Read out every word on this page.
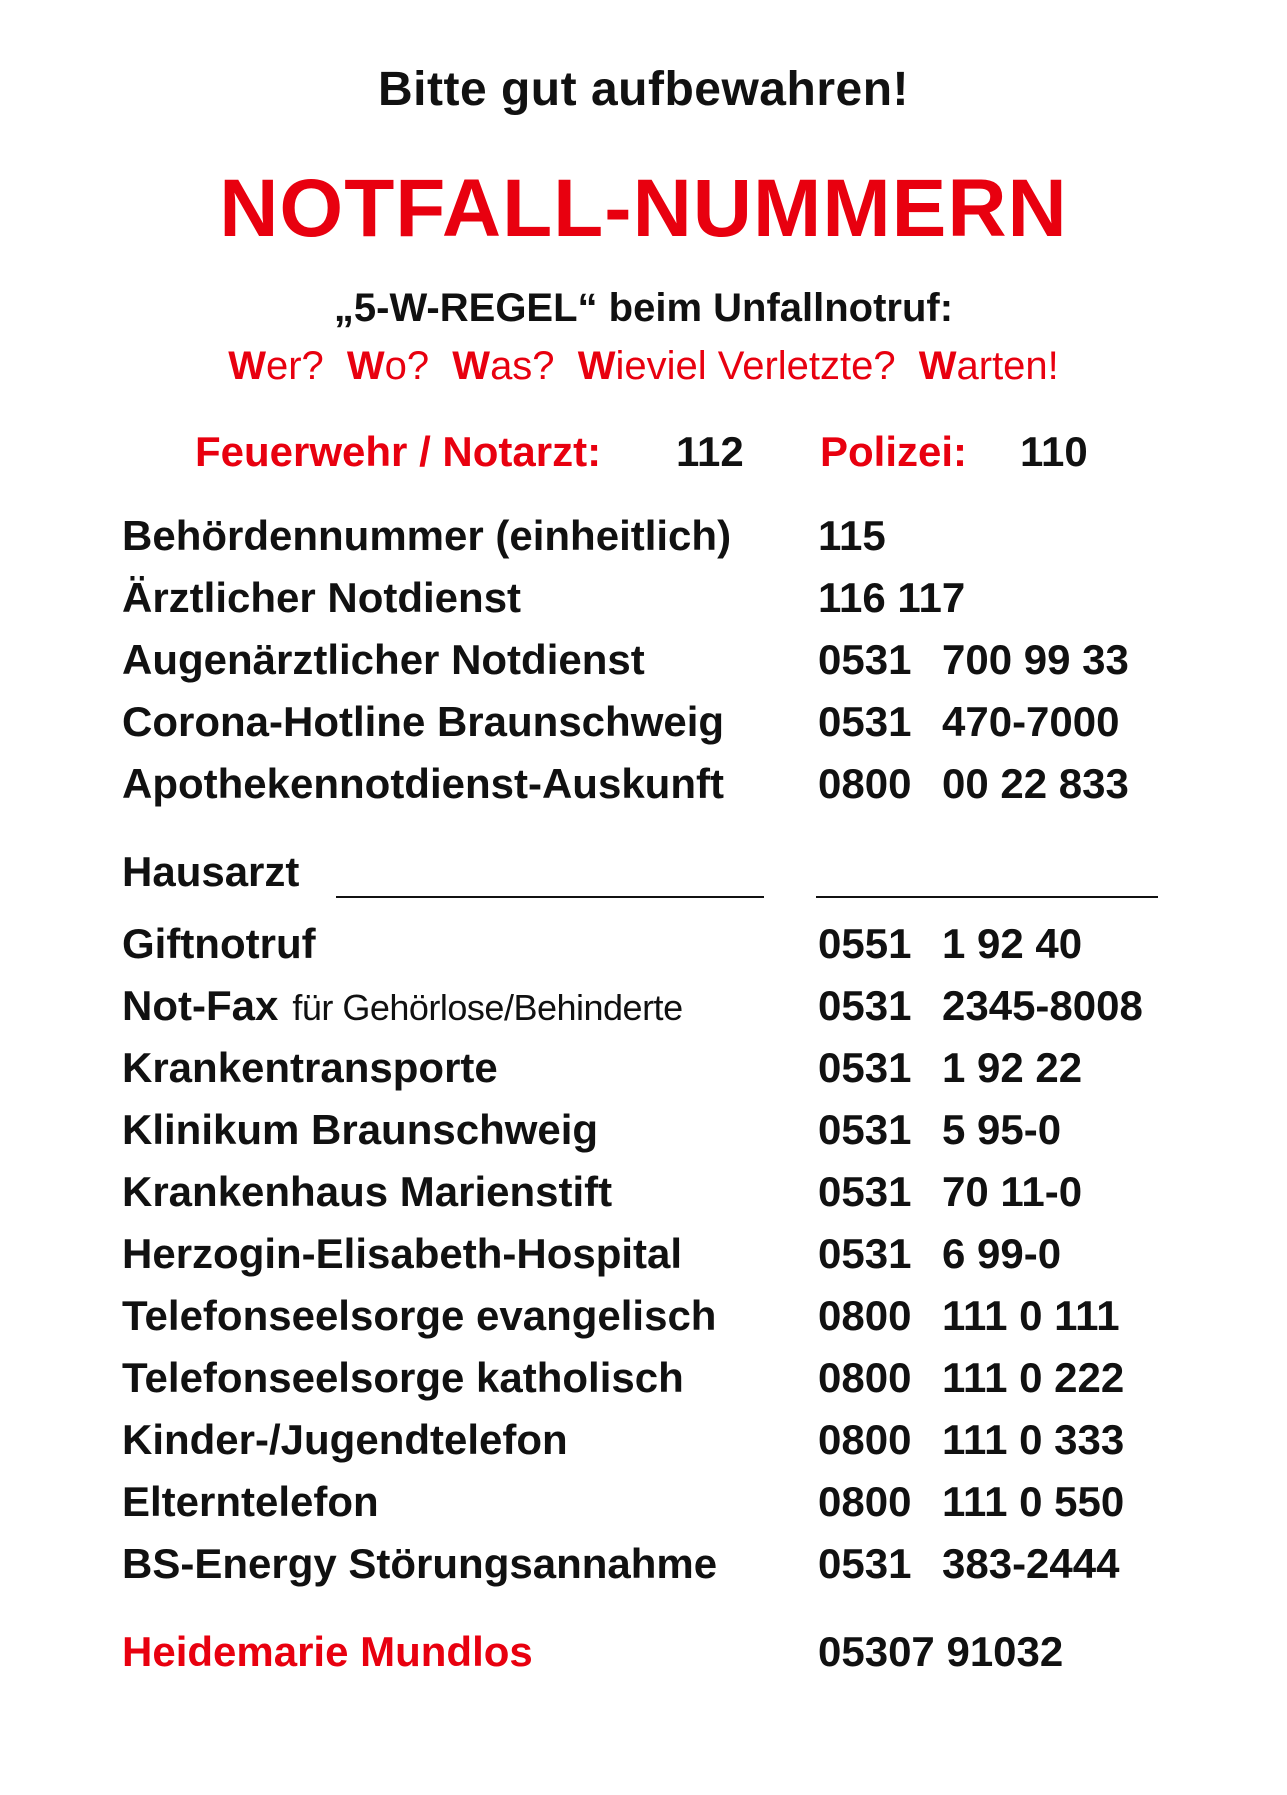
Bitte gut aufbewahren!
NOTFALL-NUMMERN
„5-W-REGEL“ beim Unfallnotruf:
Wer? Wo? Was? Wieviel Verletzte? Warten!
Feuerwehr / Notarzt: 112 Polizei: 110
Behördennummer (einheitlich) 115
Ärztlicher Notdienst	116 117
Augenärztlicher Notdienst	0531 700 99 33
Corona-Hotline Braunschweig 0531 470-7000
Apothekennotdienst-Auskunft 0800 00 22 833
Hausarzt
Giftnotruf	0551 1 92 40
Not-Fax für Gehörlose/Behinderte	0531 2345-8008
Krankentransporte	0531 1 92 22
Klinikum Braunschweig	0531 5 95-0
Krankenhaus Marienstift	0531 70 11-0
Herzogin-Elisabeth-Hospital	0531 6 99-0
Telefonseelsorge evangelisch 0800 111 0 111
Telefonseelsorge katholisch	0800 111 0 222
Kinder-/Jugendtelefon	0800 111 0 333
Elterntelefon	0800 111 0 550
BS-Energy Störungsannahme 0531 383-2444
Heidemarie Mundlos	05307 91032
